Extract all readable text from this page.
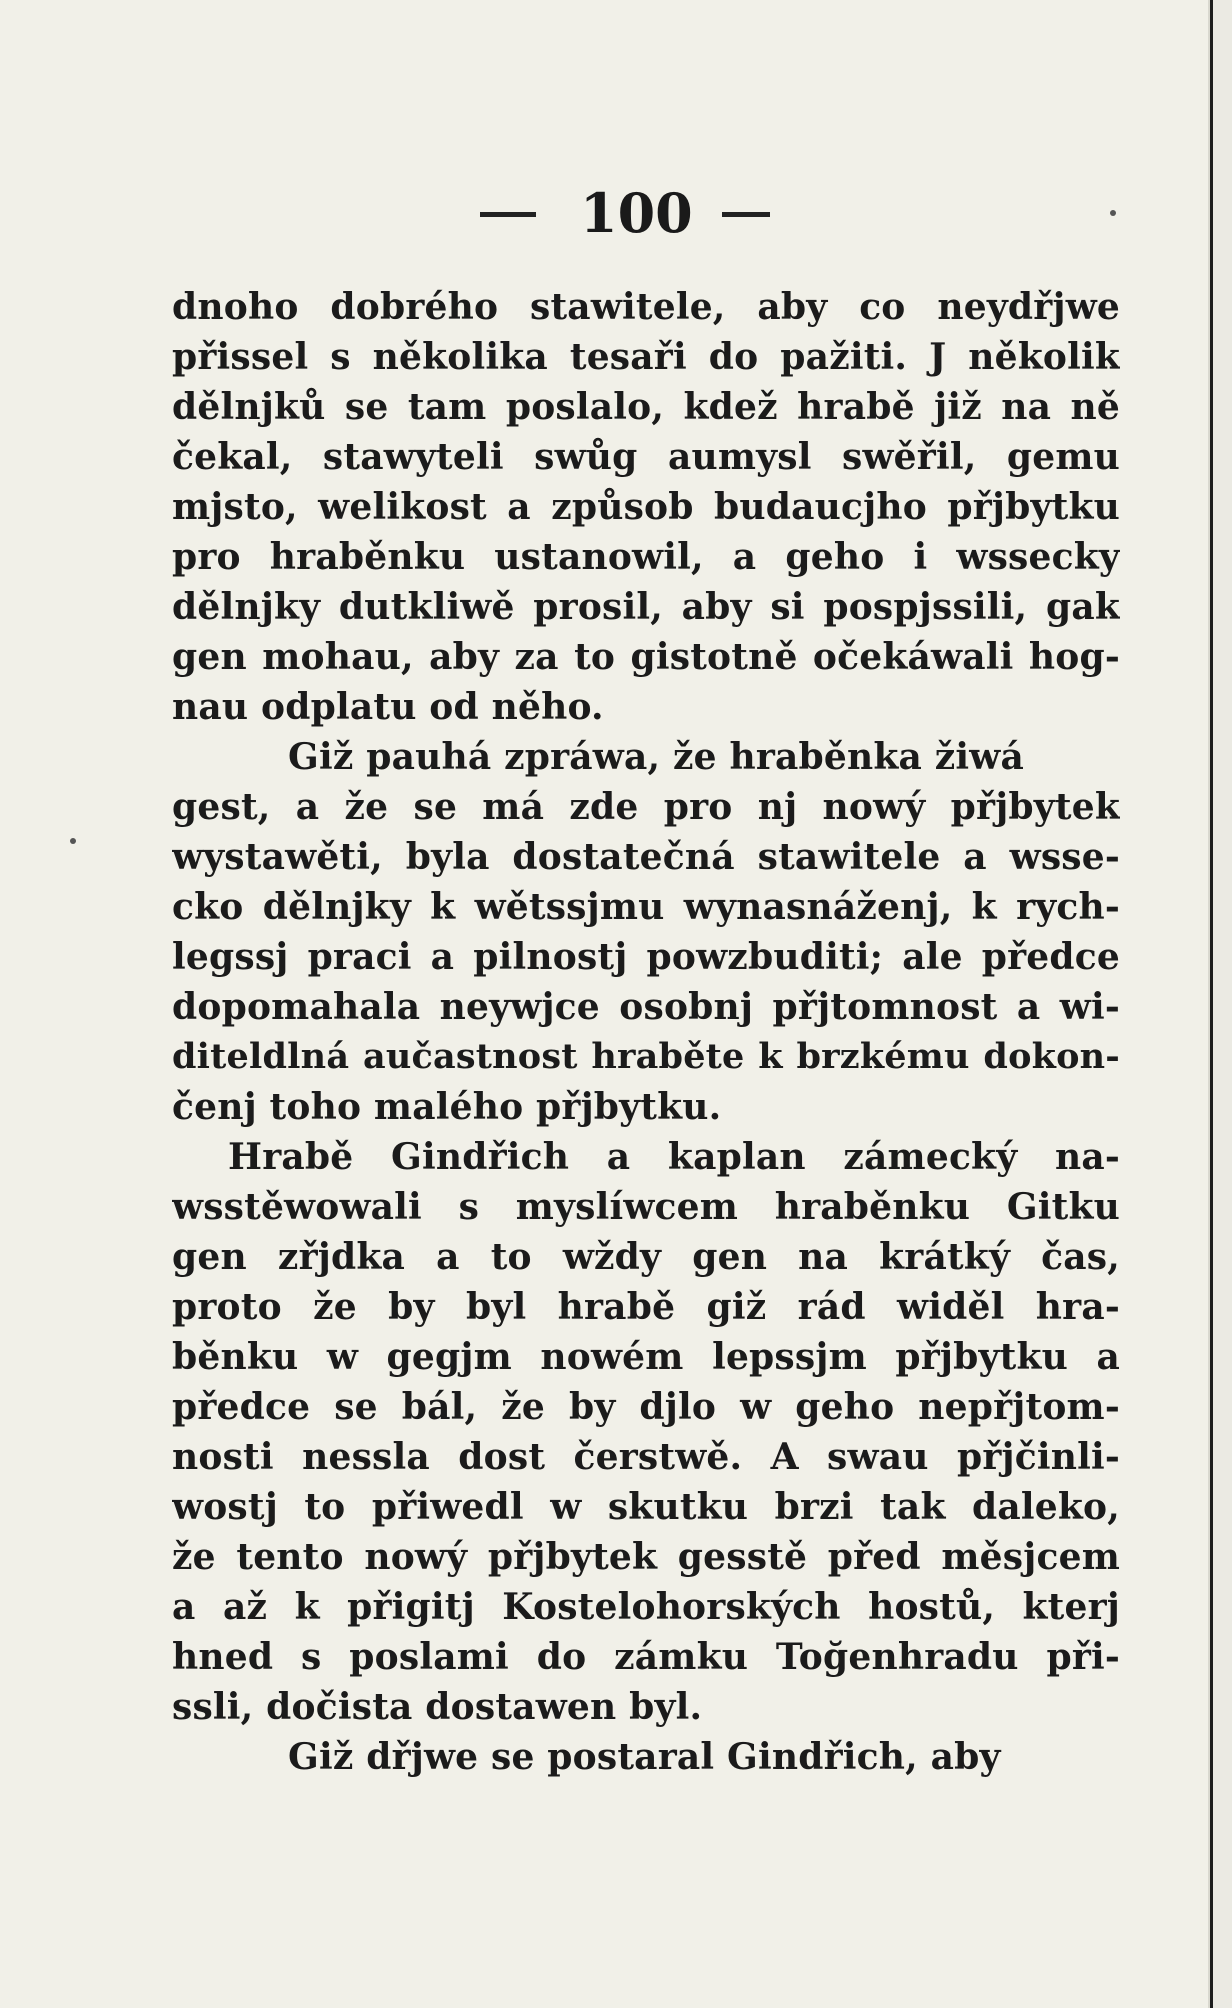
100
dnoho dobrého stawitele, aby co neydřjwe
přissel s několika tesaři do pažiti. J několik
dělnjků se tam poslalo, kdež hrabě již na ně
čekal, stawyteli swůg aumysl swěřil, gemu
mjsto, welikost a způsob budaucjho přjbytku
pro hraběnku ustanowil, a geho i wssecky
dělnjky dutkliwě prosil, aby si pospjssili, gak
gen mohau, aby za to gistotně očekáwali hog-
nau odplatu od něho.
Giž pauhá zpráwa, že hraběnka žiwá
gest, a že se má zde pro nj nowý přjbytek
wystawěti, byla dostatečná stawitele a wsse-
cko dělnjky k wětssjmu wynasnáženj, k rych-
legssj praci a pilnostj powzbuditi; ale předce
dopomahala neywjce osobnj přjtomnost a wi-
diteldlná aučastnost hraběte k brzkému dokon-
čenj toho malého přjbytku.
Hrabě Gindřich a kaplan zámecký na-
wsstěwowali s myslíwcem hraběnku Gitku
gen zřjdka a to wždy gen na krátký čas,
proto že by byl hrabě giž rád widěl hra-
běnku w gegjm nowém lepssjm přjbytku a
předce se bál, že by djlo w geho nepřjtom-
nosti nessla dost čerstwě. A swau přjčinli-
wostj to přiwedl w skutku brzi tak daleko,
že tento nowý přjbytek gesstě před měsjcem
a až k přigitj Kostelohorských hostů, kterj
hned s poslami do zámku Toğenhradu při-
ssli, dočista dostawen byl.
Giž dřjwe se postaral Gindřich, aby
